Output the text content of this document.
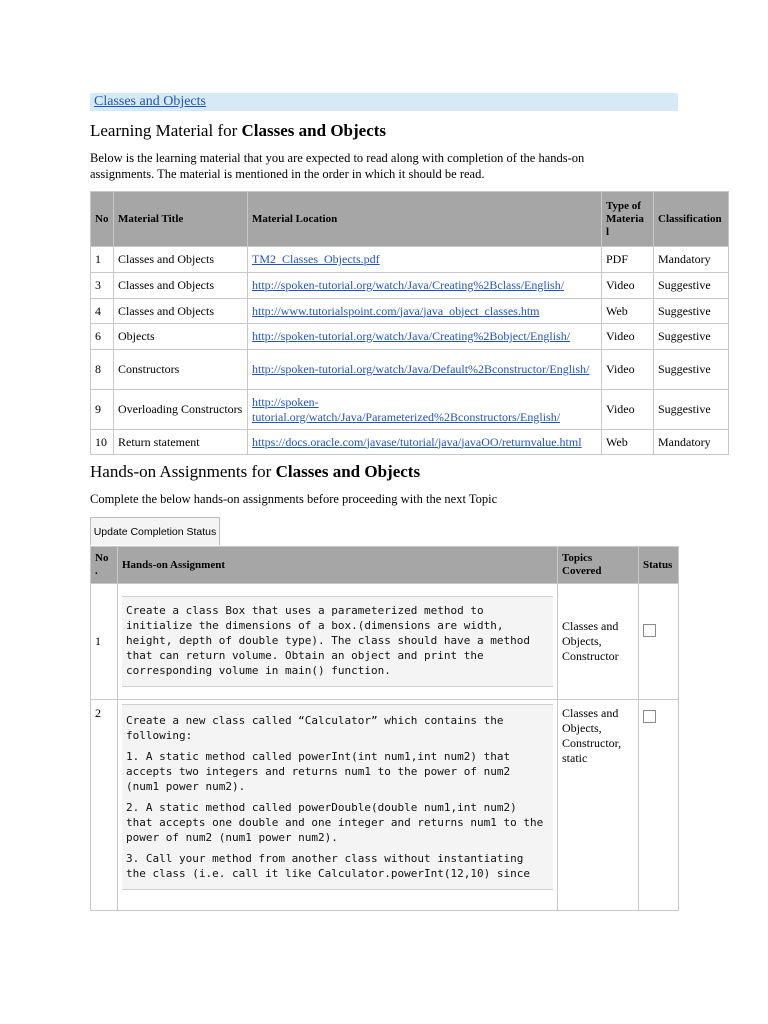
Classes and Objects
Learning Material for Classes and Objects
Below is the learning material that you are expected to read along with completion of the hands-on assignments. The material is mentioned in the order in which it should be read.
No	Material Title	Material Location	Type of Materia l	Classification
1	Classes and Objects	TM2_Classes_Objects.pdf	PDF	Mandatory
3	Classes and Objects	http://spoken-tutorial.org/watch/Java/Creating%2Bclass/English/	Video	Suggestive
4	Classes and Objects	http://www.tutorialspoint.com/java/java_object_classes.htm	Web	Suggestive
6	Objects	http://spoken-tutorial.org/watch/Java/Creating%2Bobject/English/	Video	Suggestive
8	Constructors	http://spoken-tutorial.org/watch/Java/Default%2Bconstructor/English/	Video	Suggestive
9	Overloading Constructors	http://spoken-tutorial.org/watch/Java/Parameterized%2Bconstructors/English/	Video	Suggestive
10	Return statement	https://docs.oracle.com/javase/tutorial/java/javaOO/returnvalue.html	Web	Mandatory
Hands-on Assignments for Classes and Objects
Complete the below hands-on assignments before proceeding with the next Topic
Update Completion Status
No .	Hands-on Assignment	Topics Covered	Status
1	Create a class Box that uses a parameterized method to initialize the dimensions of a box.(dimensions are width, height, depth of double type). The class should have a method that can return volume. Obtain an object and print the corresponding volume in main() function.	Classes and Objects, Constructor	
2	Create a new class called “Calculator” which contains the following:

1. A static method called powerInt(int num1,int num2) that accepts two integers and returns num1 to the power of num2 (num1 power num2).

2. A static method called powerDouble(double num1,int num2) that accepts one double and one integer and returns num1 to the power of num2 (num1 power num2).

3. Call your method from another class without instantiating the class (i.e. call it like Calculator.powerInt(12,10) since	Classes and Objects, Constructor, static	
